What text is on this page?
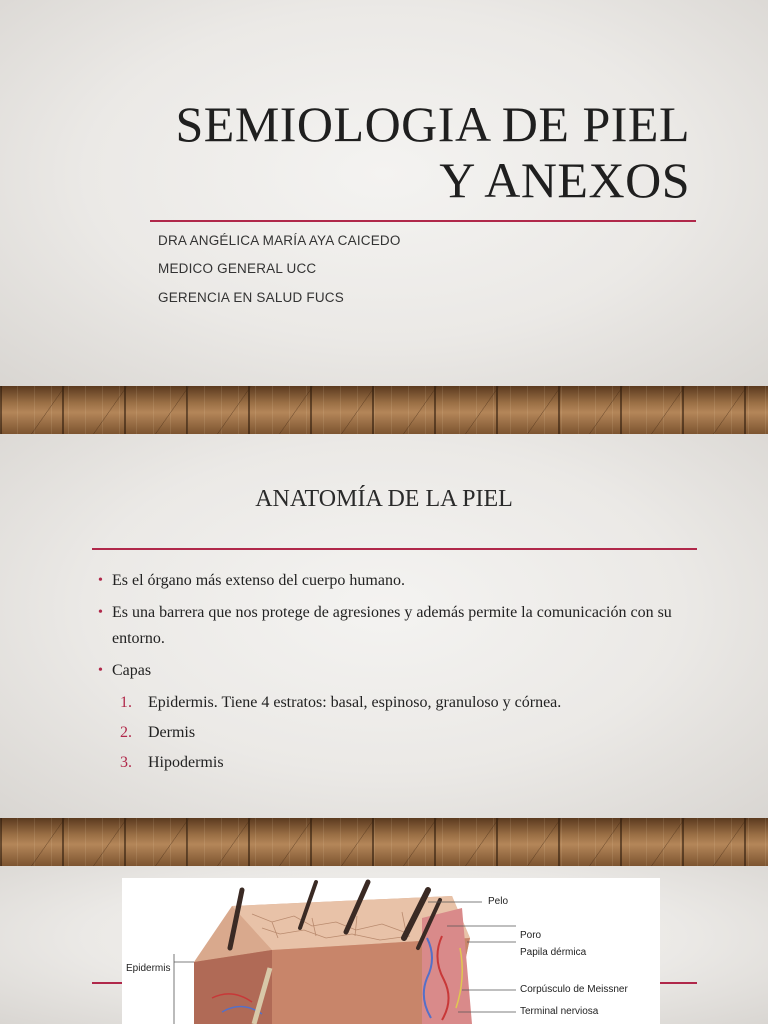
SEMIOLOGIA DE PIEL
Y ANEXOS
DRA ANGÉLICA MARÍA AYA CAICEDO
MEDICO GENERAL UCC
GERENCIA EN SALUD FUCS
ANATOMÍA DE LA PIEL
• Es el órgano más extenso del cuerpo humano.
• Es una barrera que nos protege de agresiones y además permite la comunicación con su entorno.
• Capas
1. Epidermis. Tiene 4 estratos: basal, espinoso, granuloso y córnea.
2. Dermis
3. Hipodermis
Pelo
Poro
Papila dérmica
Corpúsculo de Meissner
Terminal nerviosa
Epidermis
